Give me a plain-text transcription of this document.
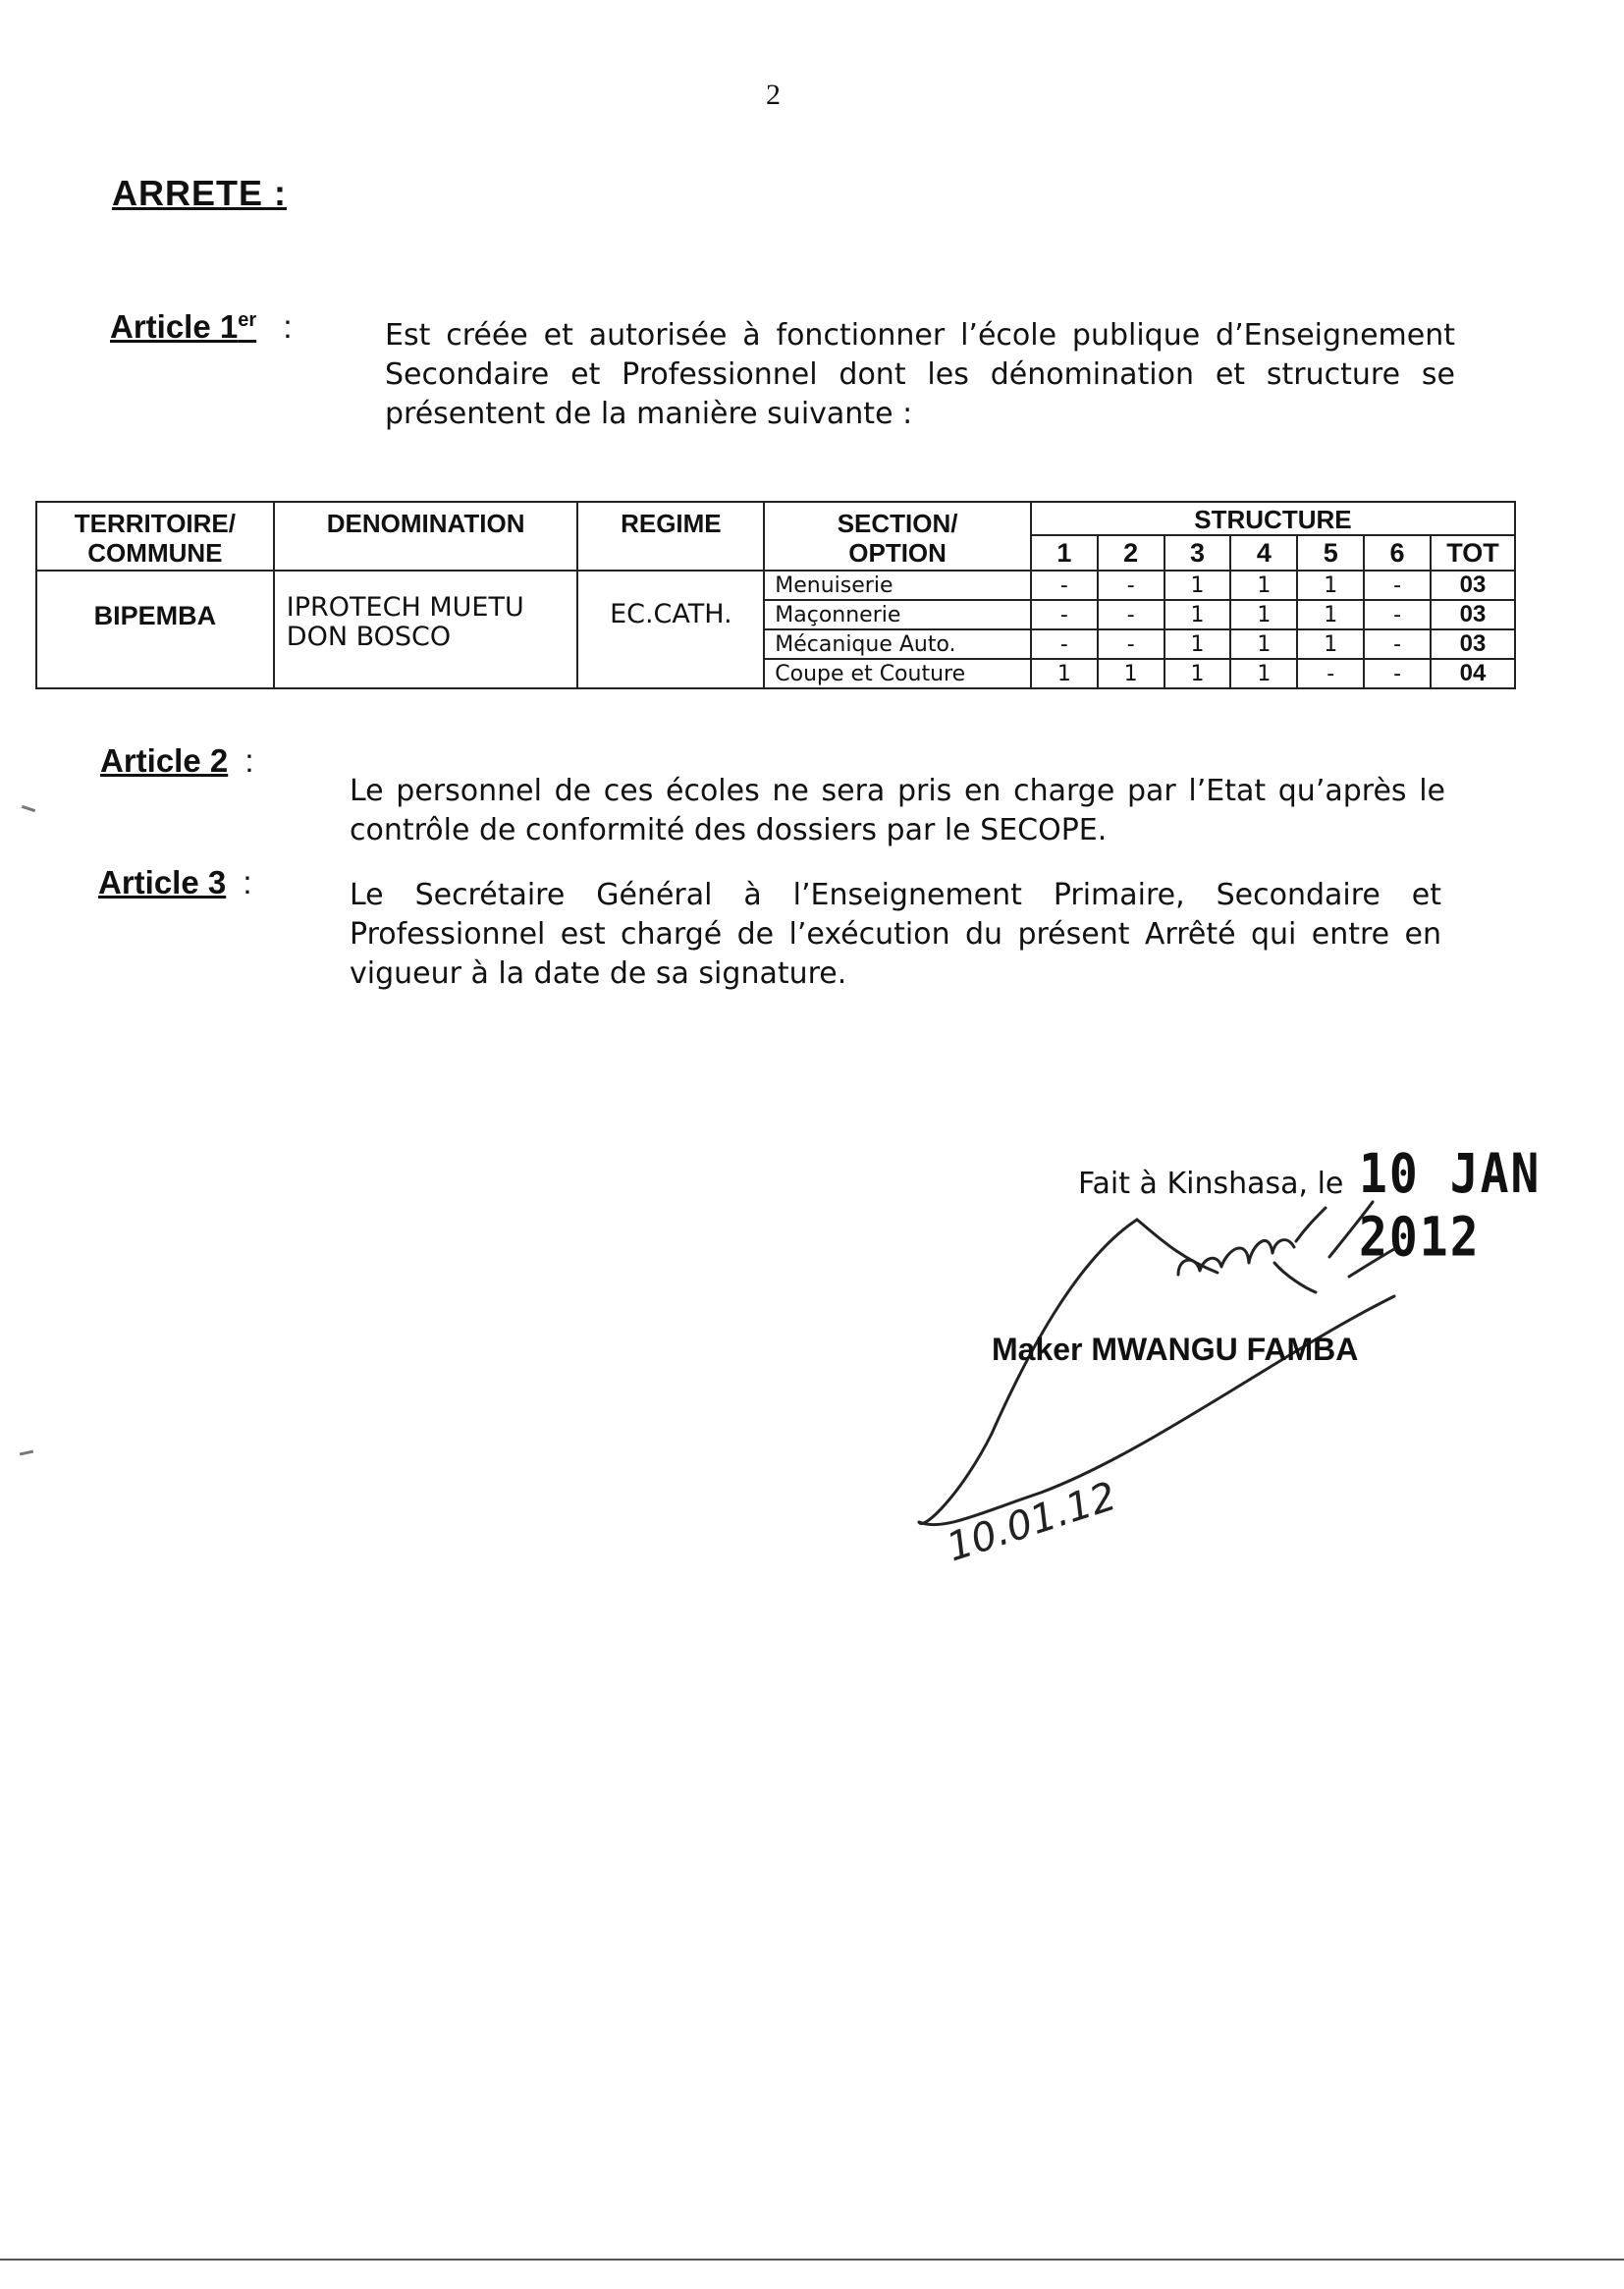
2
ARRETE :
Article 1er :	Est créée et autorisée à fonctionner l’école publique d’Enseignement
Secondaire et Professionnel dont les dénomination et structure se
présentent de la manière suivante :
TERRITOIRE/
COMMUNE	DENOMINATION	REGIME	SECTION/
OPTION	STRUCTURE						
				1	2	3	4	5	6	TOT
BIPEMBA	IPROTECH MUETU
DON BOSCO	EC.CATH.	Menuiserie	-	-	1	1	1	-	03
			Maçonnerie	-	-	1	1	1	-	03
			Mécanique Auto.	-	-	1	1	1	-	03
			Coupe et Couture	1	1	1	1	-	-	04
Article 2 :
Le personnel de ces écoles ne sera pris en charge par l’Etat qu’après le
contrôle de conformité des dossiers par le SECOPE.
Article 3 :	Le Secrétaire Général à l’Enseignement Primaire, Secondaire et
Professionnel est chargé de l’exécution du présent Arrêté qui entre en
vigueur à la date de sa signature.
Fait à Kinshasa, le 10 JAN 2012
10.01.12
Maker MWANGU FAMBA
